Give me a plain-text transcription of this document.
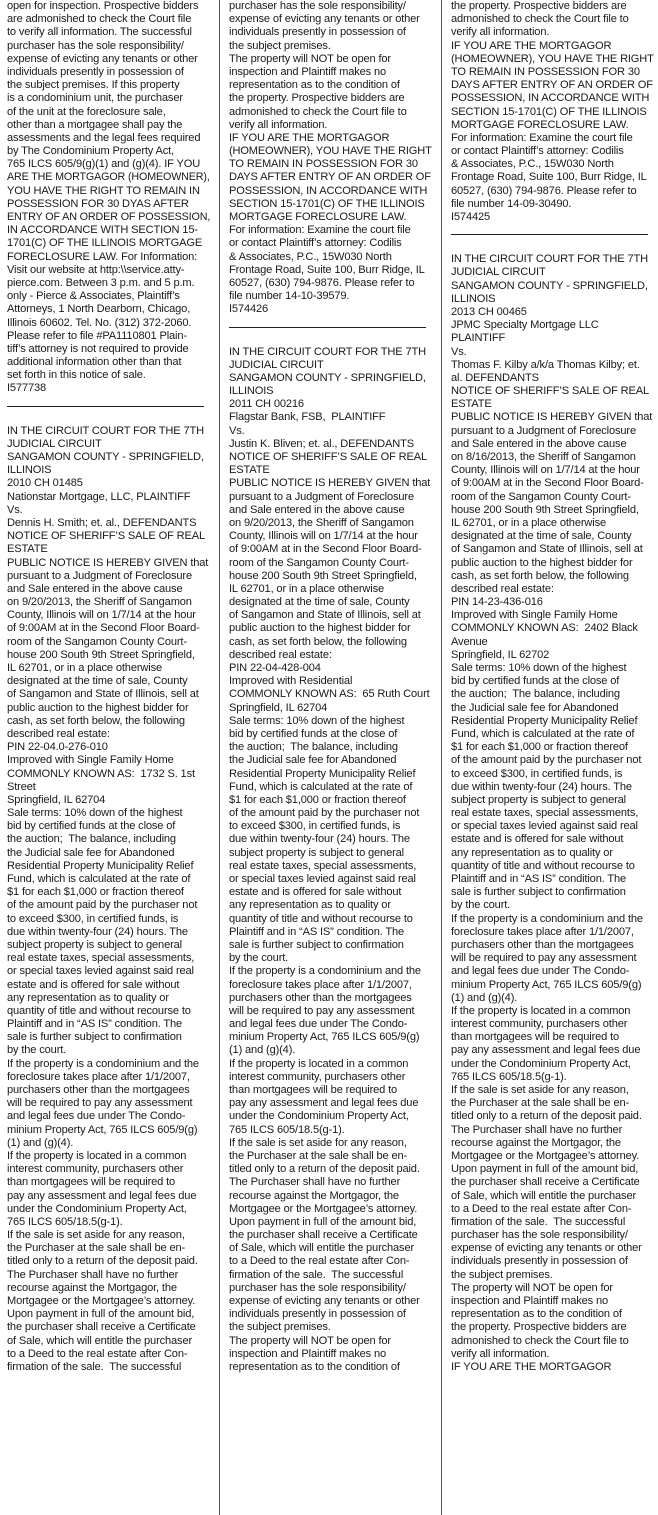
open for inspection. Prospective bidders
are admonished to check the Court file
to verify all information. The successful
purchaser has the sole responsibility/
expense of evicting any tenants or other
individuals presently in possession of
the subject premises. If this property
is a condominium unit, the purchaser
of the unit at the foreclosure sale,
other than a mortgagee shall pay the
assessments and the legal fees required
by The Condominium Property Act,
765 ILCS 605/9(g)(1) and (g)(4). IF YOU
ARE THE MORTGAGOR (HOMEOWNER),
YOU HAVE THE RIGHT TO REMAIN IN
POSSESSION FOR 30 DYAS AFTER
ENTRY OF AN ORDER OF POSSESSION,
IN ACCORDANCE WITH SECTION 15-
1701(C) OF THE ILLINOIS MORTGAGE
FORECLOSURE LAW. For Information:
Visit our website at http:\\service.atty-
pierce.com. Between 3 p.m. and 5 p.m.
only - Pierce & Associates, Plaintiff’s
Attorneys, 1 North Dearborn, Chicago,
Illinois 60602. Tel. No. (312) 372-2060.
Please refer to file #PA1110801 Plain-
tiff’s attorney is not required to provide
additional information other than that
set forth in this notice of sale.
I577738
IN THE CIRCUIT COURT FOR THE 7TH
JUDICIAL CIRCUIT
SANGAMON COUNTY - SPRINGFIELD,
ILLINOIS
2010 CH 01485
Nationstar Mortgage, LLC, PLAINTIFF
Vs.
Dennis H. Smith; et. al., DEFENDANTS
NOTICE OF SHERIFF’S SALE OF REAL
ESTATE
PUBLIC NOTICE IS HEREBY GIVEN that
pursuant to a Judgment of Foreclosure
and Sale entered in the above cause
on 9/20/2013, the Sheriff of Sangamon
County, Illinois will on 1/7/14 at the hour
of 9:00AM at in the Second Floor Board-
room of the Sangamon County Court-
house 200 South 9th Street Springfield,
IL 62701, or in a place otherwise
designated at the time of sale, County
of Sangamon and State of Illinois, sell at
public auction to the highest bidder for
cash, as set forth below, the following
described real estate:
PIN 22-04.0-276-010
Improved with Single Family Home
COMMONLY KNOWN AS:  1732 S. 1st
Street
Springfield, IL 62704
Sale terms: 10% down of the highest
bid by certified funds at the close of
the auction;  The balance, including
the Judicial sale fee for Abandoned
Residential Property Municipality Relief
Fund, which is calculated at the rate of
$1 for each $1,000 or fraction thereof
of the amount paid by the purchaser not
to exceed $300, in certified funds, is
due within twenty-four (24) hours. The
subject property is subject to general
real estate taxes, special assessments,
or special taxes levied against said real
estate and is offered for sale without
any representation as to quality or
quantity of title and without recourse to
Plaintiff and in “AS IS” condition. The
sale is further subject to confirmation
by the court.
If the property is a condominium and the
foreclosure takes place after 1/1/2007,
purchasers other than the mortgagees
will be required to pay any assessment
and legal fees due under The Condo-
minium Property Act, 765 ILCS 605/9(g)
(1) and (g)(4).
If the property is located in a common
interest community, purchasers other
than mortgagees will be required to
pay any assessment and legal fees due
under the Condominium Property Act,
765 ILCS 605/18.5(g-1).
If the sale is set aside for any reason,
the Purchaser at the sale shall be en-
titled only to a return of the deposit paid.
The Purchaser shall have no further
recourse against the Mortgagor, the
Mortgagee or the Mortgagee’s attorney.
Upon payment in full of the amount bid,
the purchaser shall receive a Certificate
of Sale, which will entitle the purchaser
to a Deed to the real estate after Con-
firmation of the sale.  The successful
purchaser has the sole responsibility/
expense of evicting any tenants or other
individuals presently in possession of
the subject premises.
The property will NOT be open for
inspection and Plaintiff makes no
representation as to the condition of
the property. Prospective bidders are
admonished to check the Court file to
verify all information.
IF YOU ARE THE MORTGAGOR
(HOMEOWNER), YOU HAVE THE RIGHT
TO REMAIN IN POSSESSION FOR 30
DAYS AFTER ENTRY OF AN ORDER OF
POSSESSION, IN ACCORDANCE WITH
SECTION 15-1701(C) OF THE ILLINOIS
MORTGAGE FORECLOSURE LAW.
For information: Examine the court file
or contact Plaintiff’s attorney: Codilis
& Associates, P.C., 15W030 North
Frontage Road, Suite 100, Burr Ridge, IL
60527, (630) 794-9876. Please refer to
file number 14-10-39579.
I574426
IN THE CIRCUIT COURT FOR THE 7TH
JUDICIAL CIRCUIT
SANGAMON COUNTY - SPRINGFIELD,
ILLINOIS
2011 CH 00216
Flagstar Bank, FSB,  PLAINTIFF
Vs.
Justin K. Bliven; et. al., DEFENDANTS
NOTICE OF SHERIFF’S SALE OF REAL
ESTATE
PUBLIC NOTICE IS HEREBY GIVEN that
pursuant to a Judgment of Foreclosure
and Sale entered in the above cause
on 9/20/2013, the Sheriff of Sangamon
County, Illinois will on 1/7/14 at the hour
of 9:00AM at in the Second Floor Board-
room of the Sangamon County Court-
house 200 South 9th Street Springfield,
IL 62701, or in a place otherwise
designated at the time of sale, County
of Sangamon and State of Illinois, sell at
public auction to the highest bidder for
cash, as set forth below, the following
described real estate:
PIN 22-04-428-004
Improved with Residential
COMMONLY KNOWN AS:  65 Ruth Court
Springfield, IL 62704
Sale terms: 10% down of the highest
bid by certified funds at the close of
the auction;  The balance, including
the Judicial sale fee for Abandoned
Residential Property Municipality Relief
Fund, which is calculated at the rate of
$1 for each $1,000 or fraction thereof
of the amount paid by the purchaser not
to exceed $300, in certified funds, is
due within twenty-four (24) hours. The
subject property is subject to general
real estate taxes, special assessments,
or special taxes levied against said real
estate and is offered for sale without
any representation as to quality or
quantity of title and without recourse to
Plaintiff and in “AS IS” condition. The
sale is further subject to confirmation
by the court.
If the property is a condominium and the
foreclosure takes place after 1/1/2007,
purchasers other than the mortgagees
will be required to pay any assessment
and legal fees due under The Condo-
minium Property Act, 765 ILCS 605/9(g)
(1) and (g)(4).
If the property is located in a common
interest community, purchasers other
than mortgagees will be required to
pay any assessment and legal fees due
under the Condominium Property Act,
765 ILCS 605/18.5(g-1).
If the sale is set aside for any reason,
the Purchaser at the sale shall be en-
titled only to a return of the deposit paid.
The Purchaser shall have no further
recourse against the Mortgagor, the
Mortgagee or the Mortgagee’s attorney.
Upon payment in full of the amount bid,
the purchaser shall receive a Certificate
of Sale, which will entitle the purchaser
to a Deed to the real estate after Con-
firmation of the sale.  The successful
purchaser has the sole responsibility/
expense of evicting any tenants or other
individuals presently in possession of
the subject premises.
The property will NOT be open for
inspection and Plaintiff makes no
representation as to the condition of
the property. Prospective bidders are
admonished to check the Court file to
verify all information.
IF YOU ARE THE MORTGAGOR
(HOMEOWNER), YOU HAVE THE RIGHT
TO REMAIN IN POSSESSION FOR 30
DAYS AFTER ENTRY OF AN ORDER OF
POSSESSION, IN ACCORDANCE WITH
SECTION 15-1701(C) OF THE ILLINOIS
MORTGAGE FORECLOSURE LAW.
For information: Examine the court file
or contact Plaintiff’s attorney: Codilis
& Associates, P.C., 15W030 North
Frontage Road, Suite 100, Burr Ridge, IL
60527, (630) 794-9876. Please refer to
file number 14-09-30490.
I574425
IN THE CIRCUIT COURT FOR THE 7TH
JUDICIAL CIRCUIT
SANGAMON COUNTY - SPRINGFIELD,
ILLINOIS
2013 CH 00465
JPMC Specialty Mortgage LLC
PLAINTIFF
Vs.
Thomas F. Kilby a/k/a Thomas Kilby; et.
al. DEFENDANTS
NOTICE OF SHERIFF’S SALE OF REAL
ESTATE
PUBLIC NOTICE IS HEREBY GIVEN that
pursuant to a Judgment of Foreclosure
and Sale entered in the above cause
on 8/16/2013, the Sheriff of Sangamon
County, Illinois will on 1/7/14 at the hour
of 9:00AM at in the Second Floor Board-
room of the Sangamon County Court-
house 200 South 9th Street Springfield,
IL 62701, or in a place otherwise
designated at the time of sale, County
of Sangamon and State of Illinois, sell at
public auction to the highest bidder for
cash, as set forth below, the following
described real estate:
PIN 14-23-436-016
Improved with Single Family Home
COMMONLY KNOWN AS:  2402 Black
Avenue
Springfield, IL 62702
Sale terms: 10% down of the highest
bid by certified funds at the close of
the auction;  The balance, including
the Judicial sale fee for Abandoned
Residential Property Municipality Relief
Fund, which is calculated at the rate of
$1 for each $1,000 or fraction thereof
of the amount paid by the purchaser not
to exceed $300, in certified funds, is
due within twenty-four (24) hours. The
subject property is subject to general
real estate taxes, special assessments,
or special taxes levied against said real
estate and is offered for sale without
any representation as to quality or
quantity of title and without recourse to
Plaintiff and in “AS IS” condition. The
sale is further subject to confirmation
by the court.
If the property is a condominium and the
foreclosure takes place after 1/1/2007,
purchasers other than the mortgagees
will be required to pay any assessment
and legal fees due under The Condo-
minium Property Act, 765 ILCS 605/9(g)
(1) and (g)(4).
If the property is located in a common
interest community, purchasers other
than mortgagees will be required to
pay any assessment and legal fees due
under the Condominium Property Act,
765 ILCS 605/18.5(g-1).
If the sale is set aside for any reason,
the Purchaser at the sale shall be en-
titled only to a return of the deposit paid.
The Purchaser shall have no further
recourse against the Mortgagor, the
Mortgagee or the Mortgagee’s attorney.
Upon payment in full of the amount bid,
the purchaser shall receive a Certificate
of Sale, which will entitle the purchaser
to a Deed to the real estate after Con-
firmation of the sale.  The successful
purchaser has the sole responsibility/
expense of evicting any tenants or other
individuals presently in possession of
the subject premises.
The property will NOT be open for
inspection and Plaintiff makes no
representation as to the condition of
the property. Prospective bidders are
admonished to check the Court file to
verify all information.
IF YOU ARE THE MORTGAGOR
